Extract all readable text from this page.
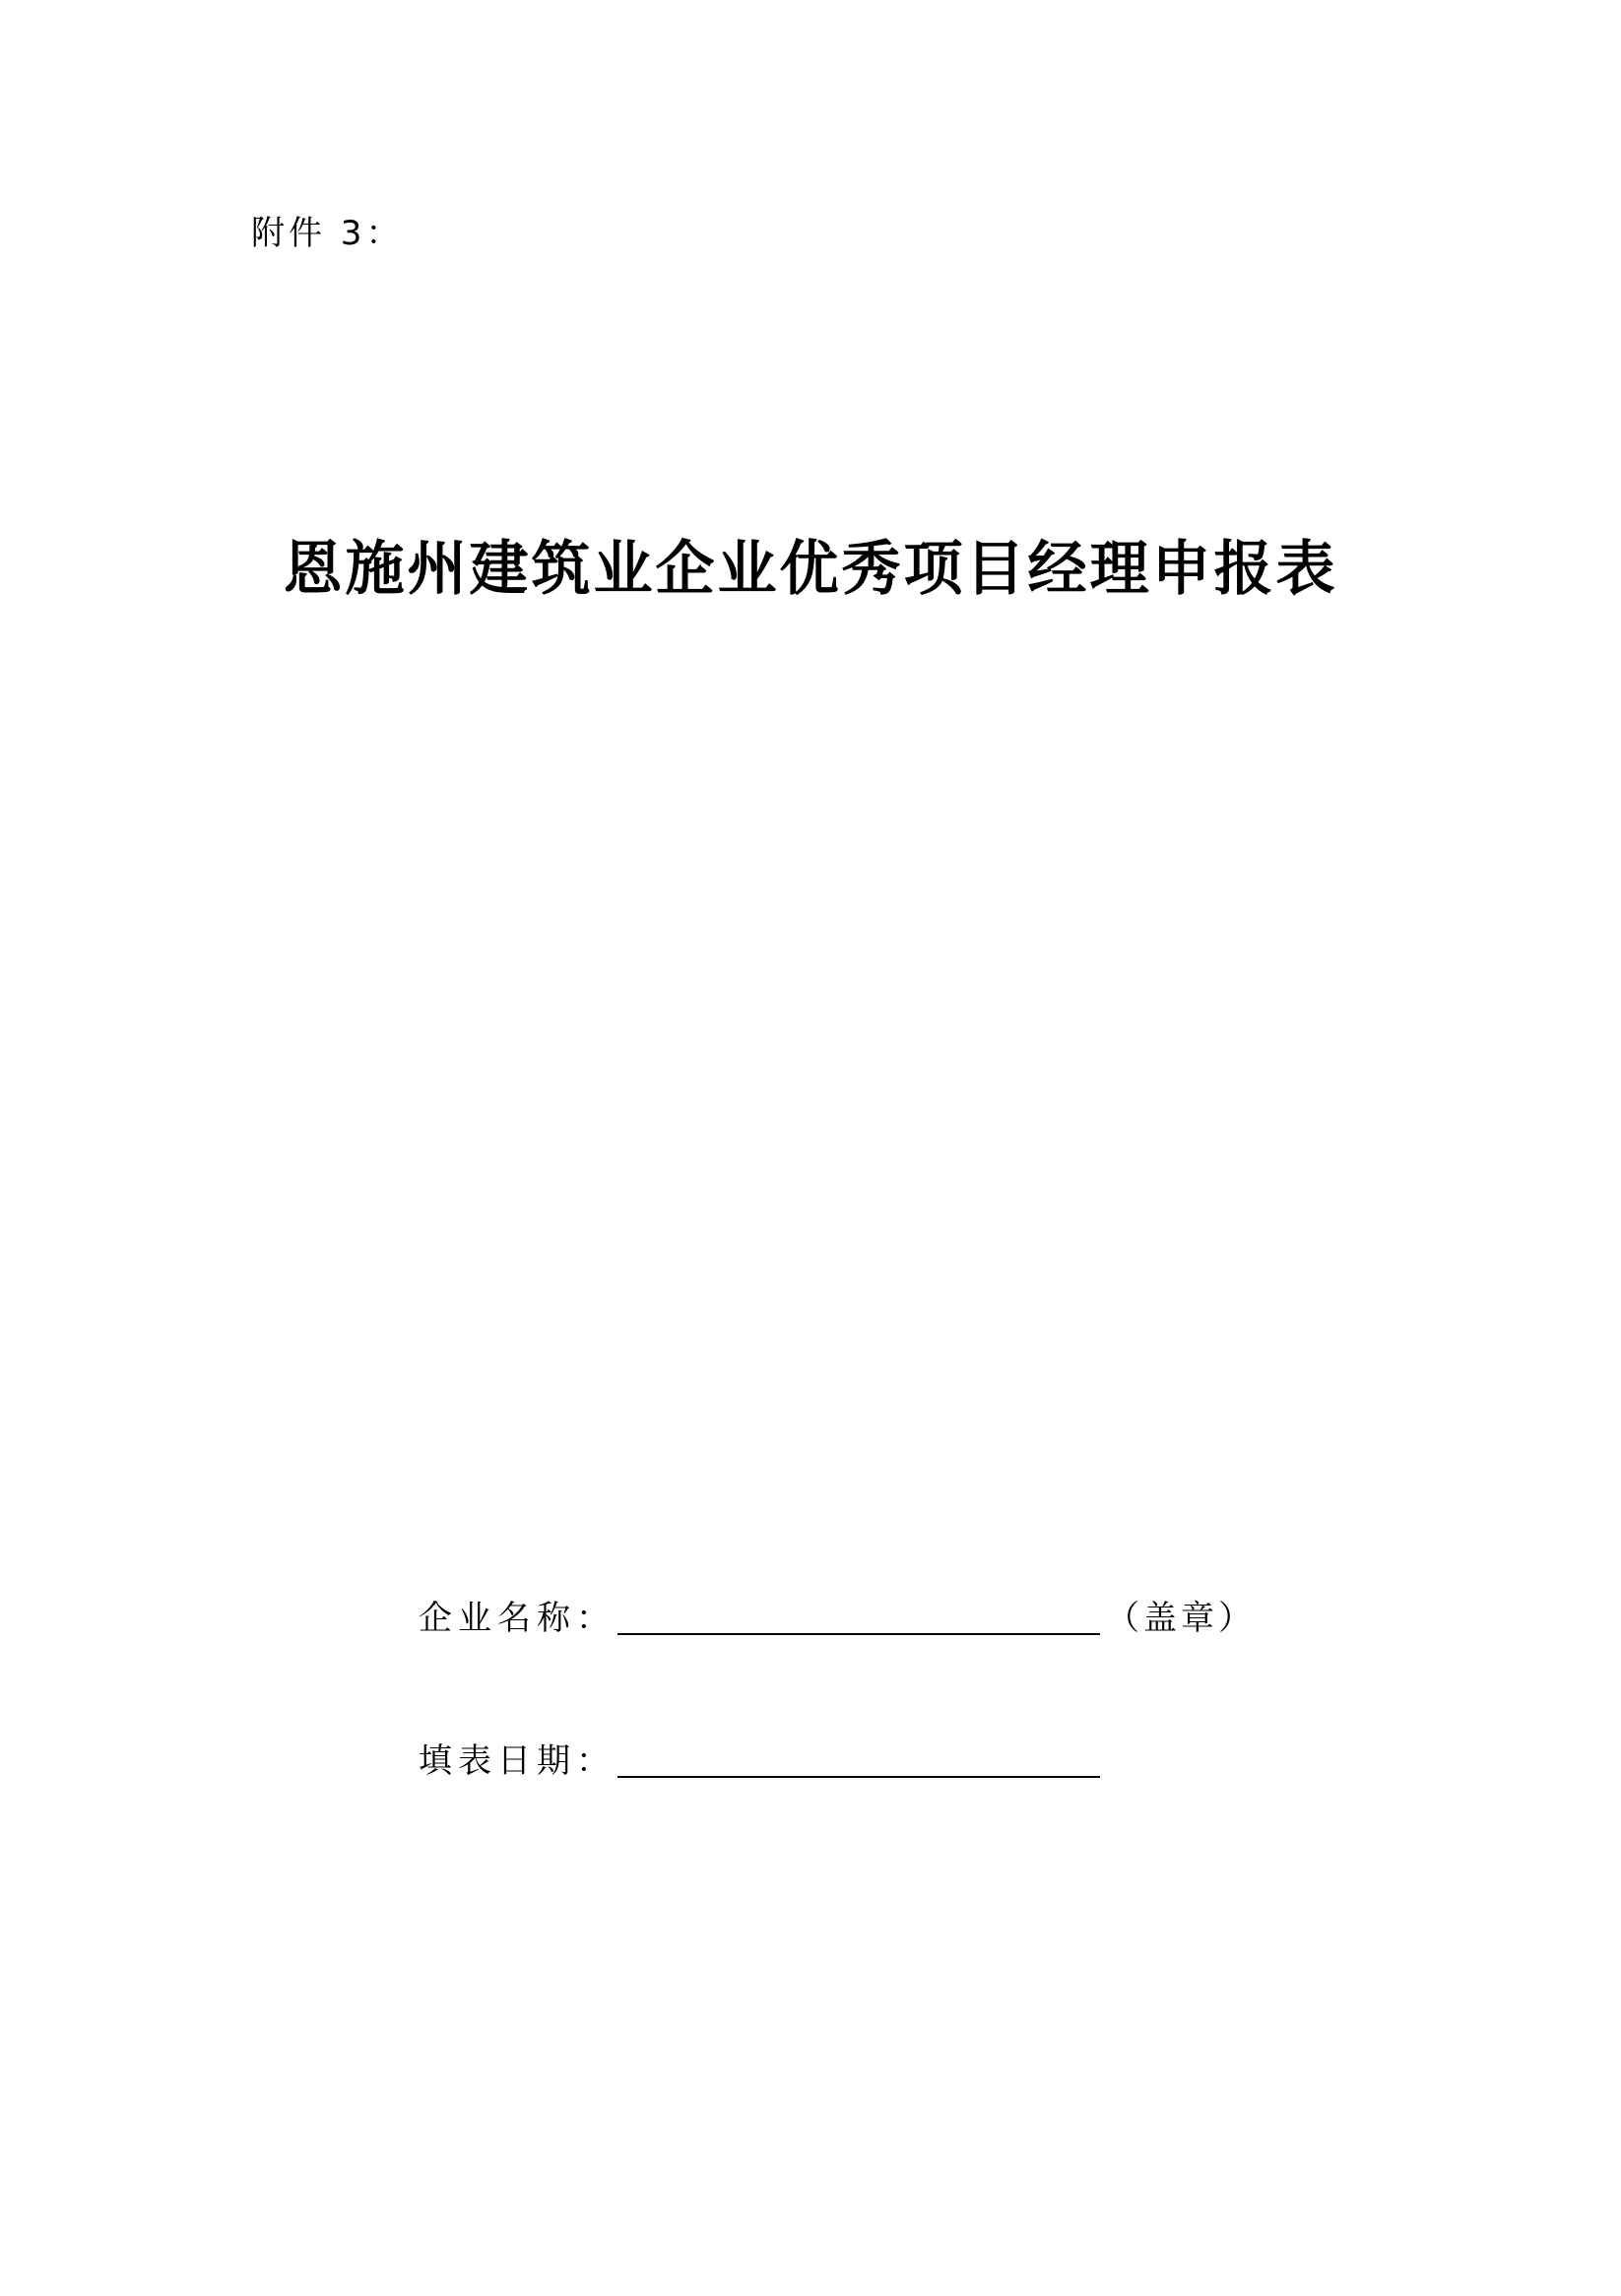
附件 3：
恩施州建筑业企业优秀项目经理申报表
企业名称：	（盖章）
填表日期：
